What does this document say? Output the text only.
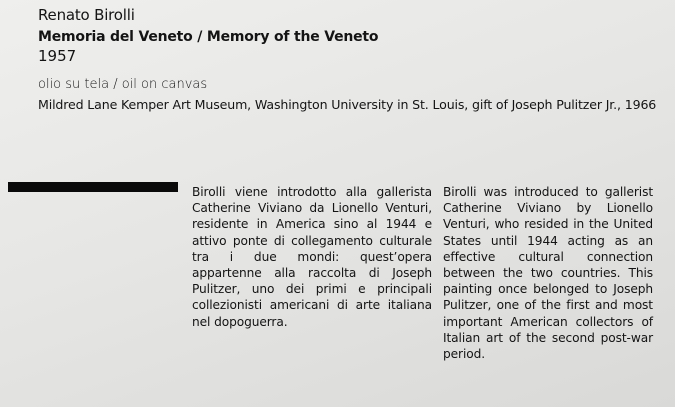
Renato Birolli
Memoria del Veneto / Memory of the Veneto
1957
olio su tela / oil on canvas
Mildred Lane Kemper Art Museum, Washington University in St. Louis, gift of Joseph Pulitzer Jr., 1966
Birolli viene introdotto alla gallerista Catherine Viviano da Lionello Venturi, residente in America sino al 1944 e attivo ponte di collegamento culturale tra i due mondi: quest’opera appartenne alla raccolta di Joseph Pulitzer, uno dei primi e principali collezionisti americani di arte italiana nel dopoguerra.
Birolli was introduced to gallerist Catherine Viviano by Lionello Venturi, who resided in the United States until 1944 acting as an effective cultural connection between the two countries. This painting once belonged to Joseph Pulitzer, one of the first and most important American collectors of Italian art of the second post-war period.
